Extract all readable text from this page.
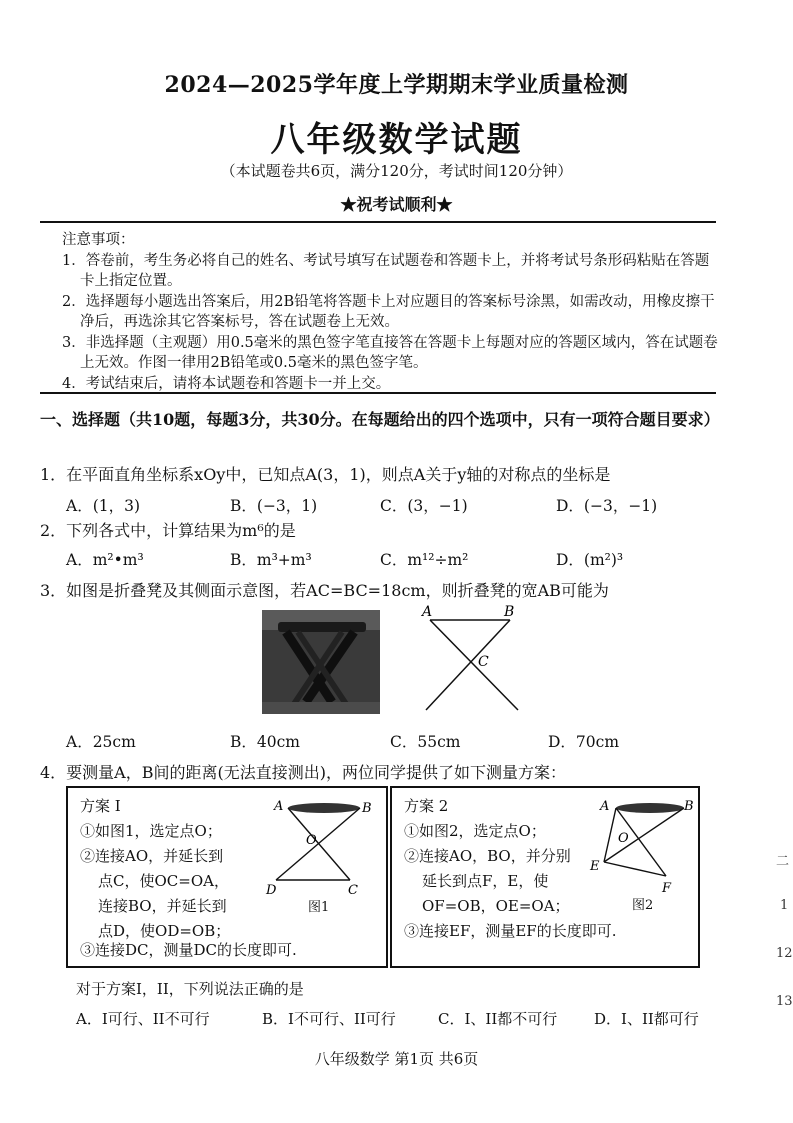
2024—2025学年度上学期期末学业质量检测
八年级数学试题
（本试题卷共6页，满分120分，考试时间120分钟）
★祝考试顺利★

注意事项：

1．答卷前，考生务必将自己的姓名、考试号填写在试题卷和答题卡上，并将考试号条形码粘贴在答题卡上指定位置。

2．选择题每小题选出答案后，用2B铅笔将答题卡上对应题目的答案标号涂黑，如需改动，用橡皮擦干净后，再选涂其它答案标号，答在试题卷上无效。

3．非选择题（主观题）用0.5毫米的黑色签字笔直接答在答题卡上每题对应的答题区域内，答在试题卷上无效。作图一律用2B铅笔或0.5毫米的黑色签字笔。

4．考试结束后，请将本试题卷和答题卡一并上交。

一、选择题（共10题，每题3分，共30分。在每题给出的四个选项中，只有一项符合题目要求）
1．在平面直角坐标系xOy中，已知点A(3，1)，则点A关于y轴的对称点的坐标是
A．(1，3)	B．(−3，1)	C．(3，−1)	D．(−3，−1)
2．下列各式中，计算结果为m⁶的是
A．m²•m³	B．m³+m³	C．m¹²÷m²	D．(m²)³
3．如图是折叠凳及其侧面示意图，若AC=BC=18cm，则折叠凳的宽AB可能为
A	B
C
A．25cm	B．40cm	C．55cm	D．70cm
4．要测量A，B间的距离(无法直接测出)，两位同学提供了如下测量方案：
方案 I
①如图1，选定点O；
②连接AO，并延长到
点C，使OC=OA，
连接BO，并延长到
点D，使OD=OB；
③连接DC，测量DC的长度即可.
A	B
O
D	C
图1
方案 2
①如图2，选定点O；
②连接AO，BO，并分别
延长到点F，E，使
OF=OB，OE=OA；
③连接EF，测量EF的长度即可.
A	B
O
E
F
图2
对于方案I，II，下列说法正确的是
A．I可行、II不可行	B．I不可行、II可行	C．I、II都不可行 D．I、II都可行
八年级数学 第1页 共6页
二
1
12
13
